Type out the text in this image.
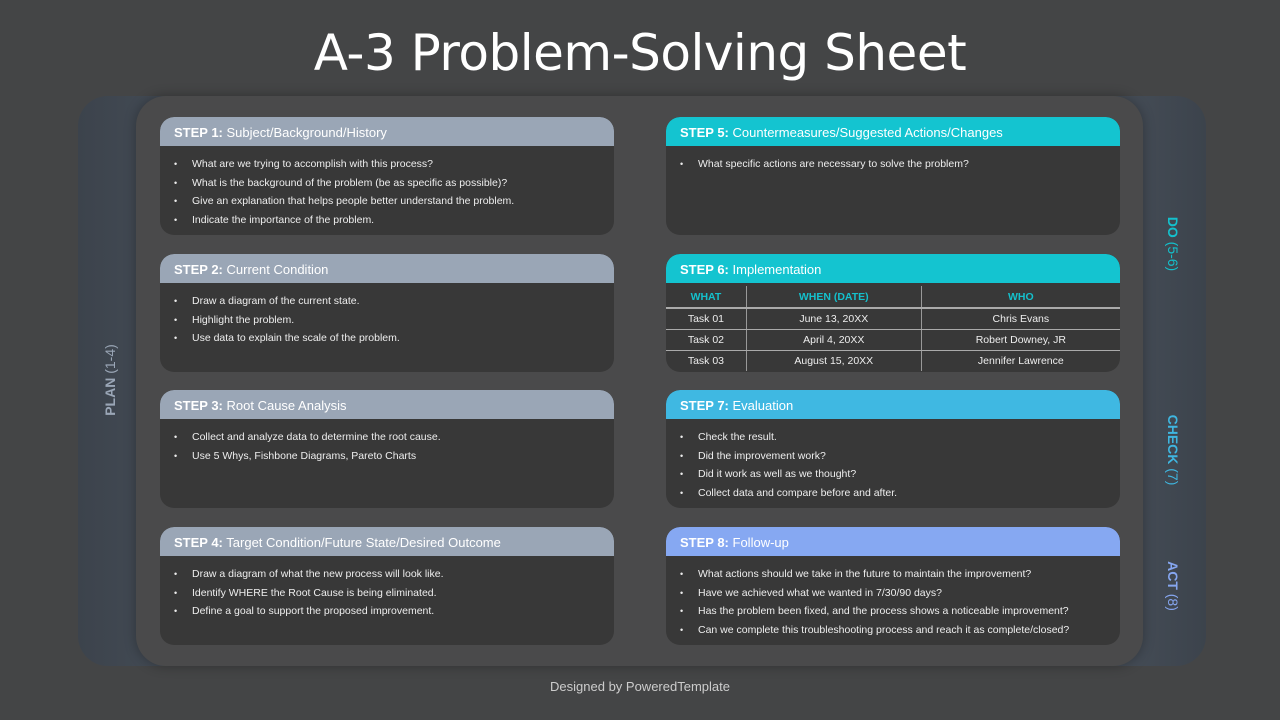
A-3 Problem-Solving Sheet
PLAN (1-4)
DO (5-6)
CHECK (7)
ACT (8)
STEP 1: Subject/Background/History
• What are we trying to accomplish with this process?
• What is the background of the problem (be as specific as possible)?
• Give an explanation that helps people better understand the problem.
• Indicate the importance of the problem.
STEP 2: Current Condition
• Draw a diagram of the current state.
• Highlight the problem.
• Use data to explain the scale of the problem.
STEP 3: Root Cause Analysis
• Collect and analyze data to determine the root cause.
• Use 5 Whys, Fishbone Diagrams, Pareto Charts
STEP 4: Target Condition/Future State/Desired Outcome
• Draw a diagram of what the new process will look like.
• Identify WHERE the Root Cause is being eliminated.
• Define a goal to support the proposed improvement.
STEP 5: Countermeasures/Suggested Actions/Changes
• What specific actions are necessary to solve the problem?
STEP 6: Implementation
WHAT	WHEN (DATE)	WHO
Task 01	June 13, 20XX	Chris Evans
Task 02	April 4, 20XX	Robert Downey, JR
Task 03	August 15, 20XX	Jennifer Lawrence
STEP 7: Evaluation
• Check the result.
• Did the improvement work?
• Did it work as well as we thought?
• Collect data and compare before and after.
STEP 8: Follow-up
• What actions should we take in the future to maintain the improvement?
• Have we achieved what we wanted in 7/30/90 days?
• Has the problem been fixed, and the process shows a noticeable improvement?
• Can we complete this troubleshooting process and reach it as complete/closed?
Designed by PoweredTemplate
